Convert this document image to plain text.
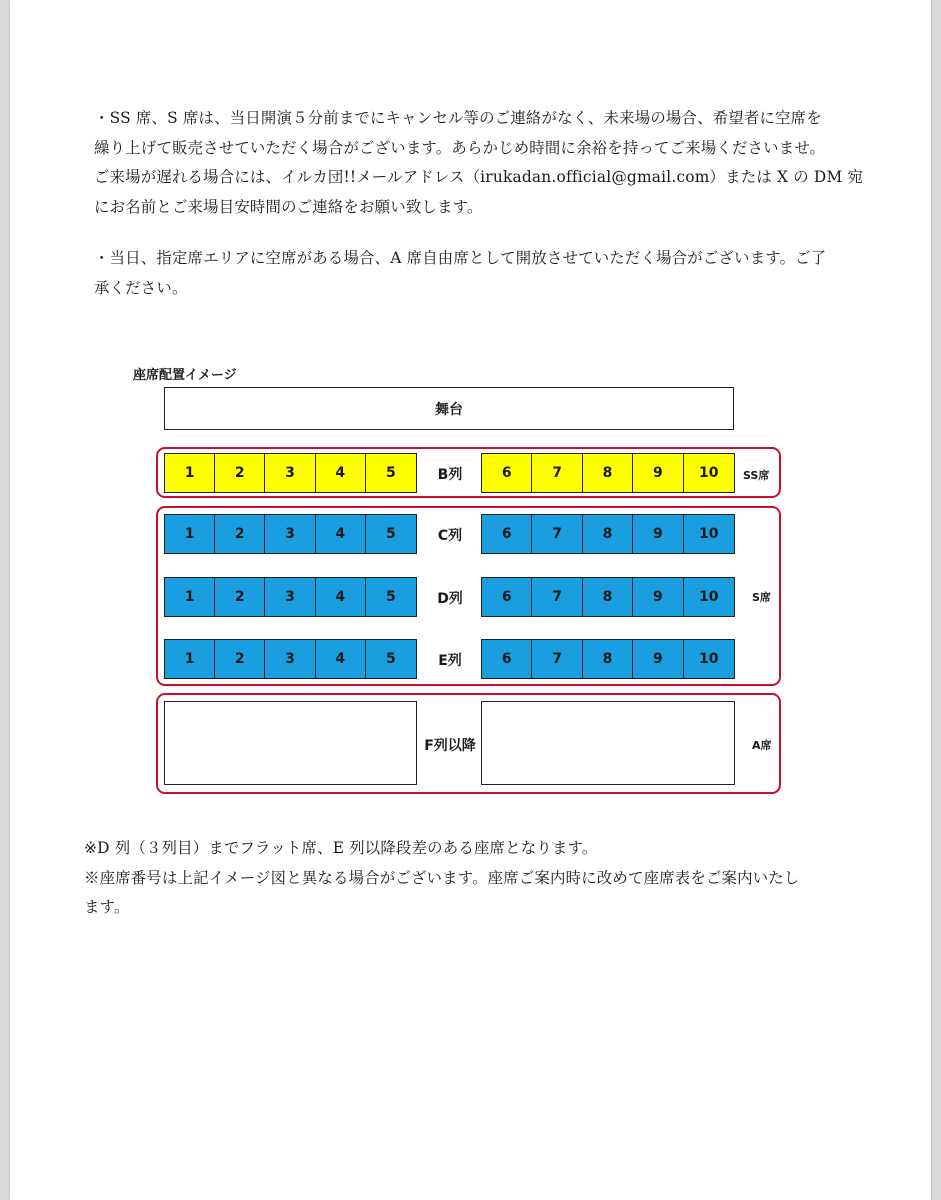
・SS 席、S 席は、当日開演５分前までにキャンセル等のご連絡がなく、未来場の場合、希望者に空席を
繰り上げて販売させていただく場合がございます。あらかじめ時間に余裕を持ってご来場くださいませ。
ご来場が遅れる場合には、イルカ団!!メールアドレス（irukadan.official@gmail.com）または X の DM 宛
にお名前とご来場目安時間のご連絡をお願い致します。

・当日、指定席エリアに空席がある場合、A 席自由席として開放させていただく場合がございます。ご了
承ください。

座席配置イメージ
舞台
1	2	3	4	5	B列	6	7	8	9	10	SS席
1	2	3	4	5	C列	6	7	8	9	10
1	2	3	4	5	D列	6	7	8	9	10	S席
1	2	3	4	5	E列	6	7	8	9	10
F列以降	A席

※D 列（３列目）までフラット席、E 列以降段差のある座席となります。
※座席番号は上記イメージ図と異なる場合がございます。座席ご案内時に改めて座席表をご案内いたし
ます。
